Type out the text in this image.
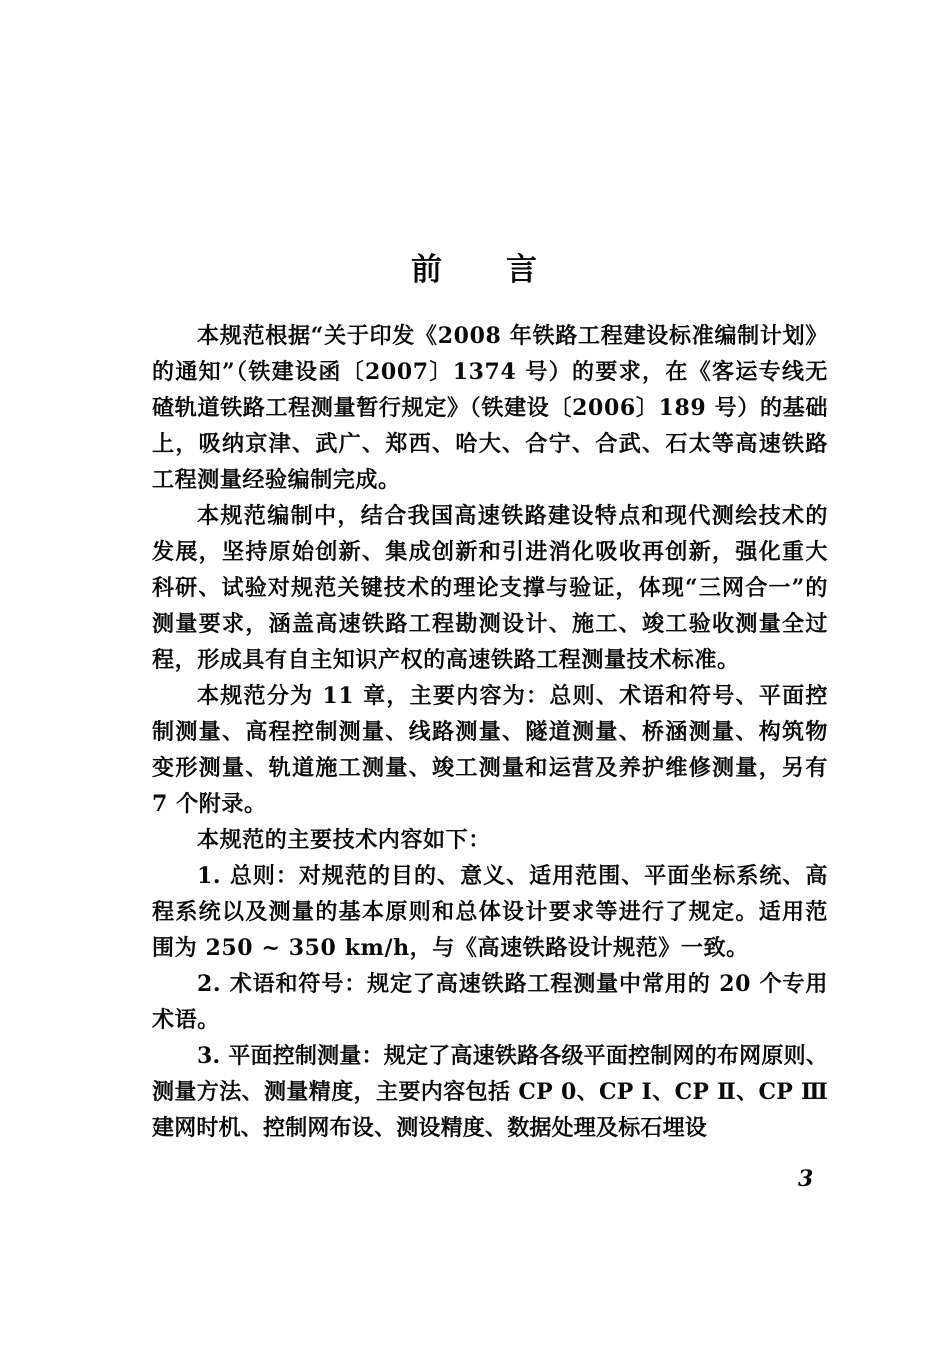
前 言

本规范根据“关于印发《2008 年铁路工程建设标准编制计划》的通知”（铁建设函〔2007〕1374 号）的要求，在《客运专线无碴轨道铁路工程测量暂行规定》（铁建设〔2006〕189 号）的基础上，吸纳京津、武广、郑西、哈大、合宁、合武、石太等高速铁路工程测量经验编制完成。

本规范编制中，结合我国高速铁路建设特点和现代测绘技术的发展，坚持原始创新、集成创新和引进消化吸收再创新，强化重大科研、试验对规范关键技术的理论支撑与验证，体现“三网合一”的测量要求，涵盖高速铁路工程勘测设计、施工、竣工验收测量全过程，形成具有自主知识产权的高速铁路工程测量技术标准。

本规范分为 11 章，主要内容为：总则、术语和符号、平面控制测量、高程控制测量、线路测量、隧道测量、桥涵测量、构筑物变形测量、轨道施工测量、竣工测量和运营及养护维修测量，另有 7 个附录。

本规范的主要技术内容如下：

1. 总则：对规范的目的、意义、适用范围、平面坐标系统、高程系统以及测量的基本原则和总体设计要求等进行了规定。适用范围为 250 ~ 350 km/h，与《高速铁路设计规范》一致。

2. 术语和符号：规定了高速铁路工程测量中常用的 20 个专用术语。

3. 平面控制测量：规定了高速铁路各级平面控制网的布网原则、测量方法、测量精度，主要内容包括 CP 0、CP Ⅰ、CP Ⅱ、CP Ⅲ建网时机、控制网布设、测设精度、数据处理及标石埋设

3
